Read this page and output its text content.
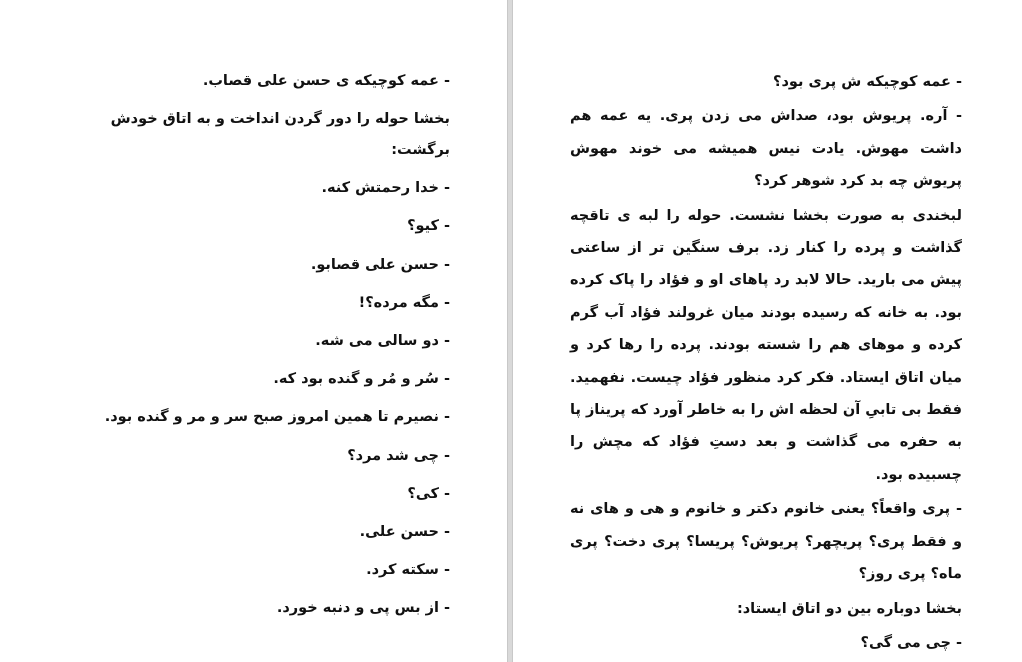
- عمه کوچیکه ی حسن علی قصاب.

بخشا حوله را دور گردن انداخت و به اتاق خودش برگشت:

- خدا رحمتش کنه.

- کیو؟

- حسن علی قصابو.

- مگه مرده؟!

- دو سالی می شه.

- سُر و مُر و گنده بود که.

- نصیرم تا همین امروز صبح سر و مر و گنده بود.

- چی شد مرد؟

- کی؟

- حسن علی.

- سکته کرد.

- از بس پی و دنبه خورد.

- عمه کوچیکه ش پری بود؟

- آره. پریوش بود، صداش می زدن پری. یه عمه هم داشت مهوش. یادت نیس همیشه می خوند مهوش پریوش چه بد کرد شوهر کرد؟

لبخندی به صورت بخشا نشست. حوله را لبه ی تاقچه گذاشت و پرده را کنار زد. برف سنگین تر از ساعتی پیش می بارید. حالا لابد رد پاهای او و فؤاد را پاک کرده بود. به خانه که رسیده بودند میان غرولند فؤاد آب گرم کرده و موهای هم را شسته بودند. پرده را رها کرد و میان اتاق ایستاد. فکر کرد منظور فؤاد چیست. نفهمید. فقط بی تابیِ آن لحظه اش را به خاطر آورد که پریناز پا به حفره می گذاشت و بعد دستِ فؤاد که مچش را چسبیده بود.

- پری واقعاً؟ یعنی خانوم دکتر و خانوم و هی و های نه و فقط پری؟ پریچهر؟ پریوش؟ پریسا؟ پری دخت؟ پری ماه؟ پری روز؟

بخشا دوباره بین دو اتاق ایستاد:

- چی می گی؟
